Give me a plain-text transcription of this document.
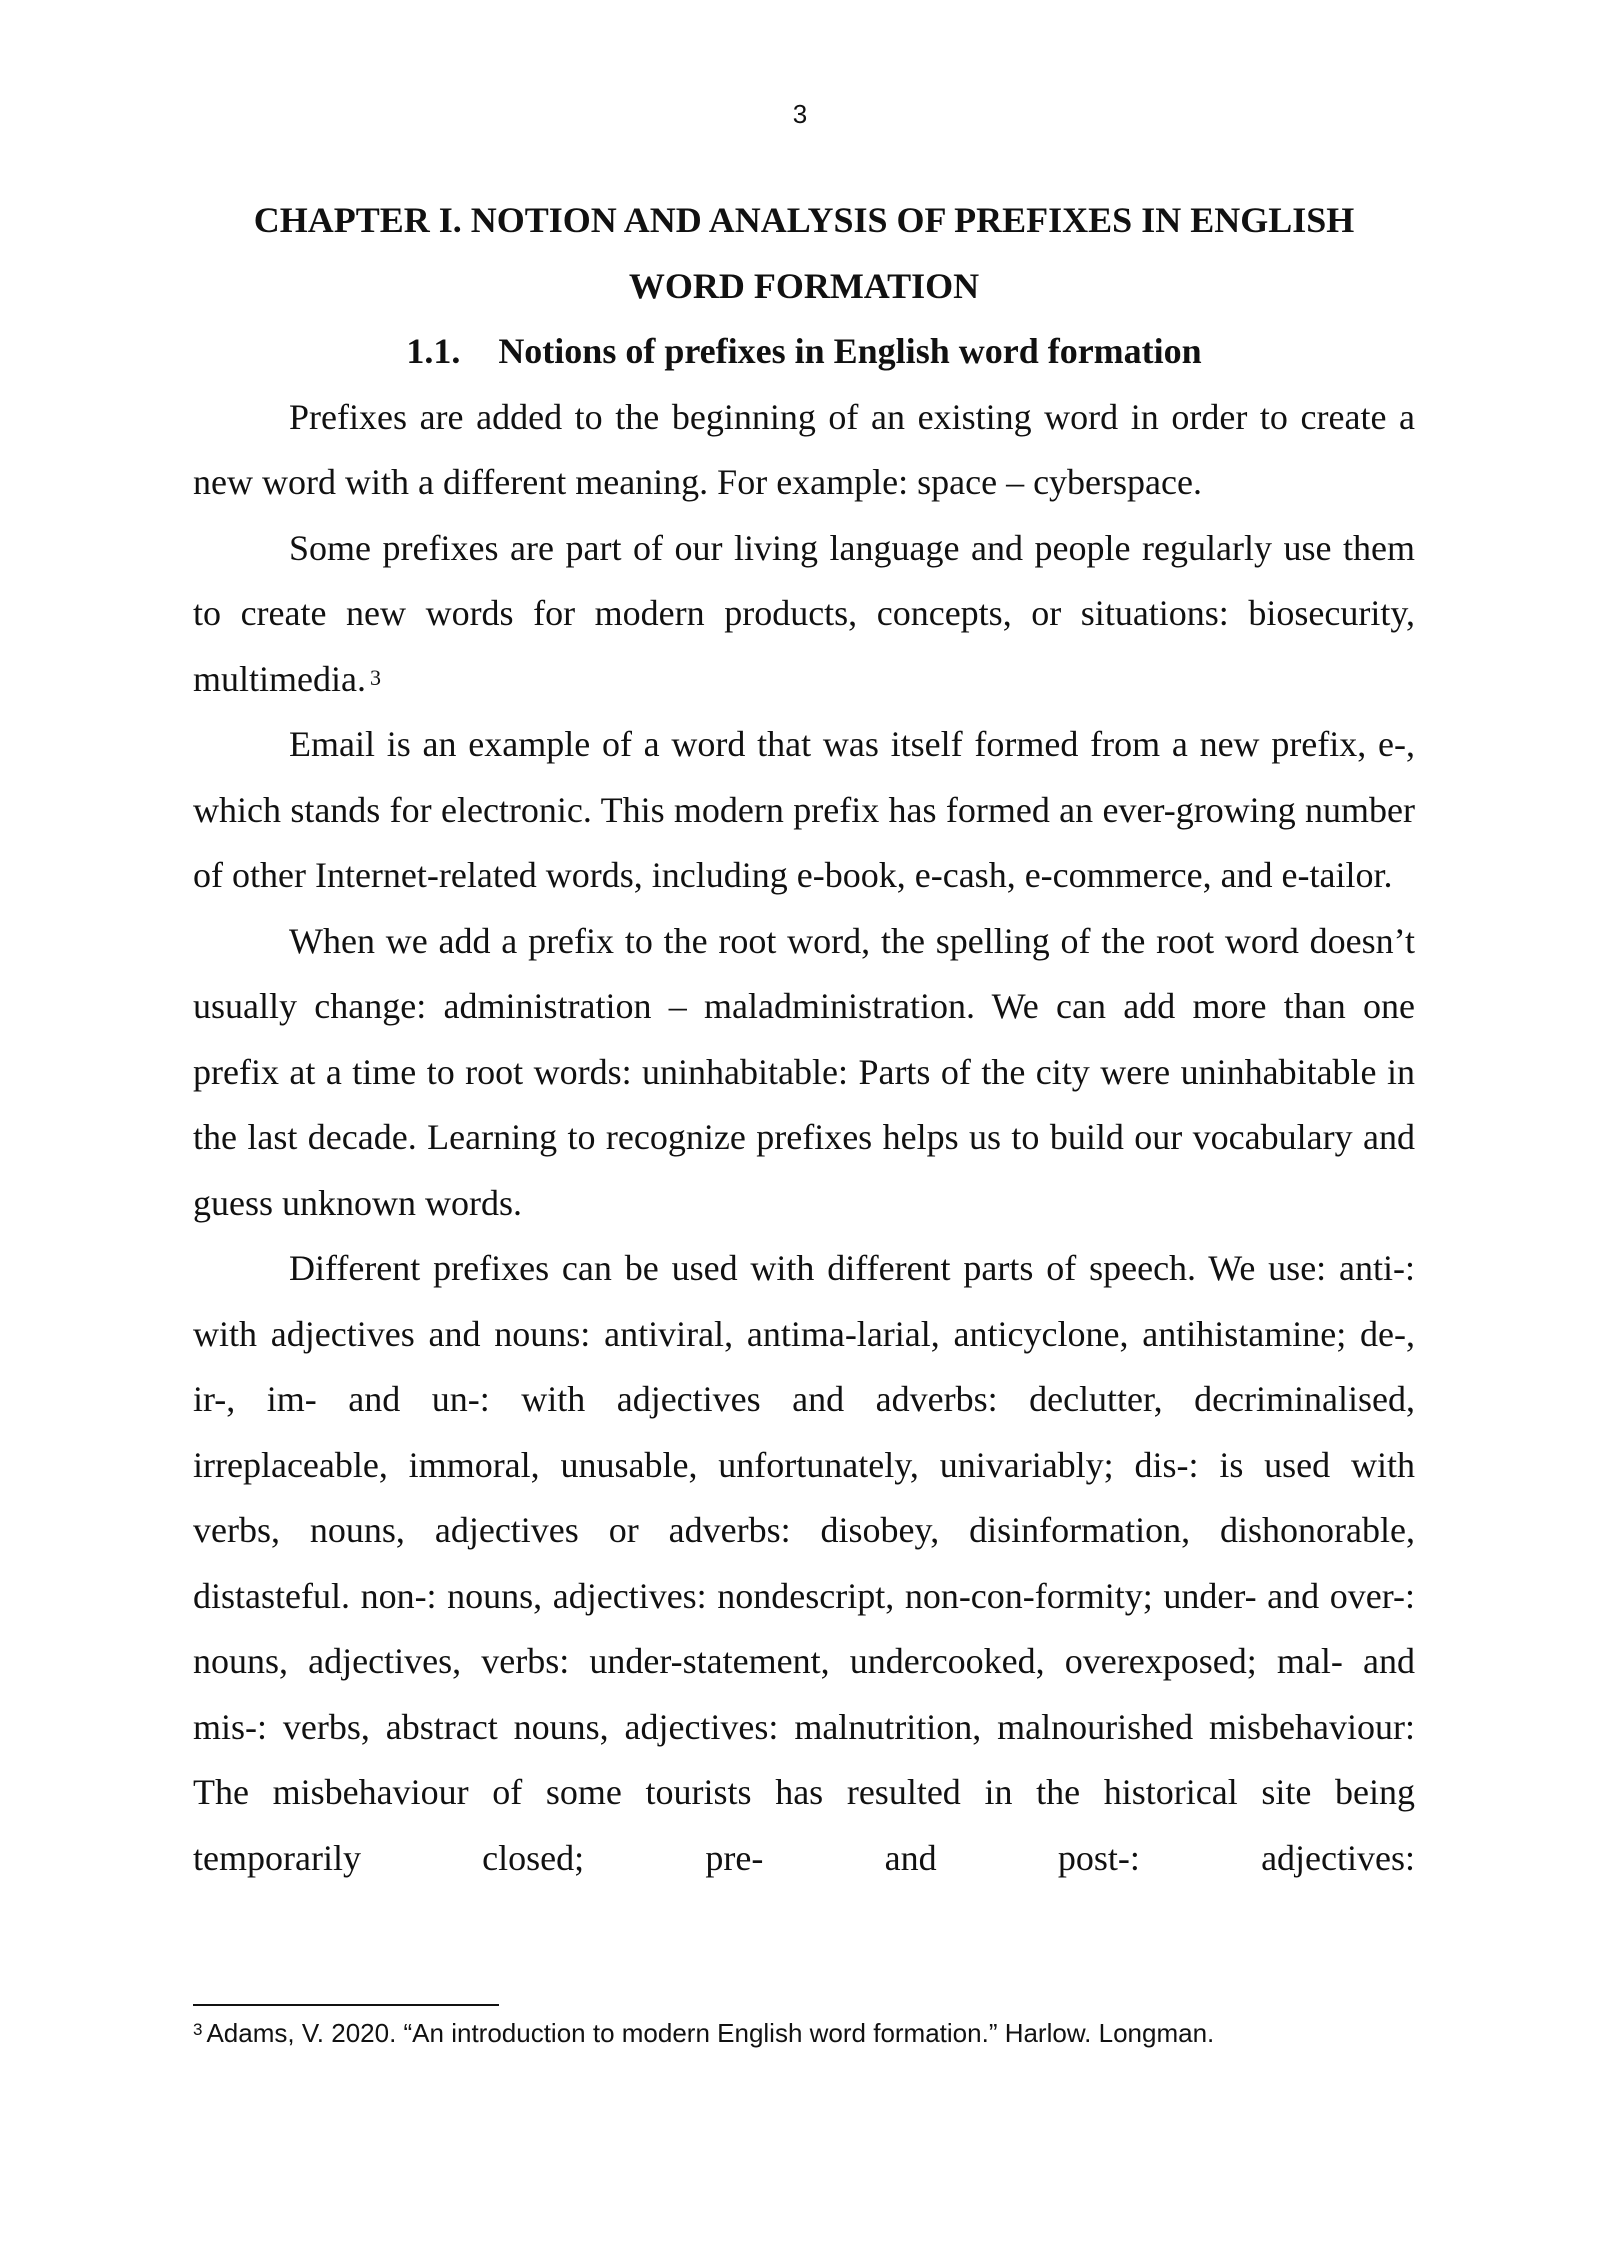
3
CHAPTER I. NOTION AND ANALYSIS OF PREFIXES IN ENGLISH
WORD FORMATION
1.1. Notions of prefixes in English word formation

Prefixes are added to the beginning of an existing word in order to create a new word with a different meaning. For example: space – cyberspace.

Some prefixes are part of our living language and people regularly use them to create new words for modern products, concepts, or situations: biosecurity, multimedia. $^3$

Email is an example of a word that was itself formed from a new prefix, e-, which stands for electronic. This modern prefix has formed an ever-growing number of other Internet-related words, including e-book, e-cash, e-commerce, and e-tailor.

When we add a prefix to the root word, the spelling of the root word doesn’t usually change: administration – maladministration. We can add more than one prefix at a time to root words: uninhabitable: Parts of the city were uninhabitable in the last decade. Learning to recognize prefixes helps us to build our vocabulary and guess unknown words.

Different prefixes can be used with different parts of speech. We use: anti-: with adjectives and nouns: antiviral, antima-larial, anticyclone, antihistamine; de-, ir-, im- and un-: with adjectives and adverbs: declutter, decriminalised, irreplaceable, immoral, unusable, unfortunately, univariably; dis-: is used with verbs, nouns, adjectives or adverbs: disobey, disinformation, dishonorable, distasteful. non-: nouns, adjectives: nondescript, non-con-formity; under- and over-: nouns, adjectives, verbs: under-statement, undercooked, overexposed; mal- and mis-: verbs, abstract nouns, adjectives: malnutrition, malnourished misbehaviour: The misbehaviour of some tourists has resulted in the historical site being temporarily closed; pre- and post-: adjectives:

$^3$ Adams, V. 2020. “An introduction to modern English word formation.” Harlow. Longman.
